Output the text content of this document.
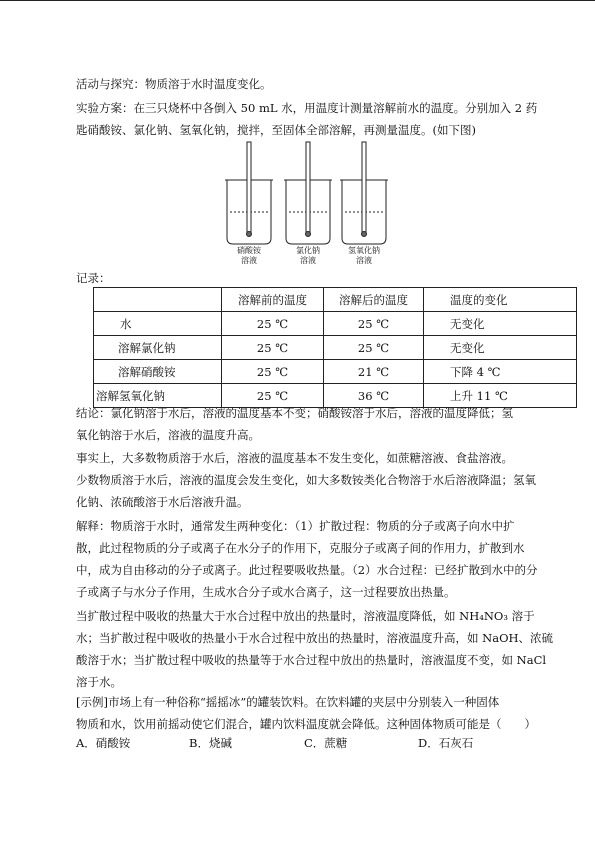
活动与探究：物质溶于水时温度变化。
实验方案：在三只烧杯中各倒入 50 mL 水，用温度计测量溶解前水的温度。分别加入 2 药
匙硝酸铵、氯化钠、氢氧化钠，搅拌，至固体全部溶解，再测量温度。(如下图)
硝酸铵
溶液
氯化钠
溶液
氢氧化钠
溶液
记录：
	溶解前的温度	溶解后的温度	温度的变化
水	25 ℃	25 ℃	无变化
溶解氯化钠	25 ℃	25 ℃	无变化
溶解硝酸铵	25 ℃	21 ℃	下降 4 ℃
溶解氢氧化钠	25 ℃	36 ℃	上升 11 ℃
结论：氯化钠溶于水后，溶液的温度基本不变；硝酸铵溶于水后，溶液的温度降低；氢
氧化钠溶于水后，溶液的温度升高。
事实上，大多数物质溶于水后，溶液的温度基本不发生变化，如蔗糖溶液、食盐溶液。
少数物质溶于水后，溶液的温度会发生变化，如大多数铵类化合物溶于水后溶液降温；氢氧
化钠、浓硫酸溶于水后溶液升温。
解释：物质溶于水时，通常发生两种变化：（1）扩散过程：物质的分子或离子向水中扩
散，此过程物质的分子或离子在水分子的作用下，克服分子或离子间的作用力，扩散到水
中，成为自由移动的分子或离子。此过程要吸收热量。（2）水合过程：已经扩散到水中的分
子或离子与水分子作用，生成水合分子或水合离子，这一过程要放出热量。
当扩散过程中吸收的热量大于水合过程中放出的热量时，溶液温度降低，如 NH₄NO₃ 溶于
水；当扩散过程中吸收的热量小于水合过程中放出的热量时，溶液温度升高，如 NaOH、浓硫
酸溶于水；当扩散过程中吸收的热量等于水合过程中放出的热量时，溶液温度不变，如 NaCl
溶于水。
[示例]市场上有一种俗称“摇摇冰”的罐装饮料。在饮料罐的夹层中分别装入一种固体
物质和水，饮用前摇动使它们混合，罐内饮料温度就会降低。这种固体物质可能是（　　）
A．硝酸铵	B．烧碱	C．蔗糖	D．石灰石
